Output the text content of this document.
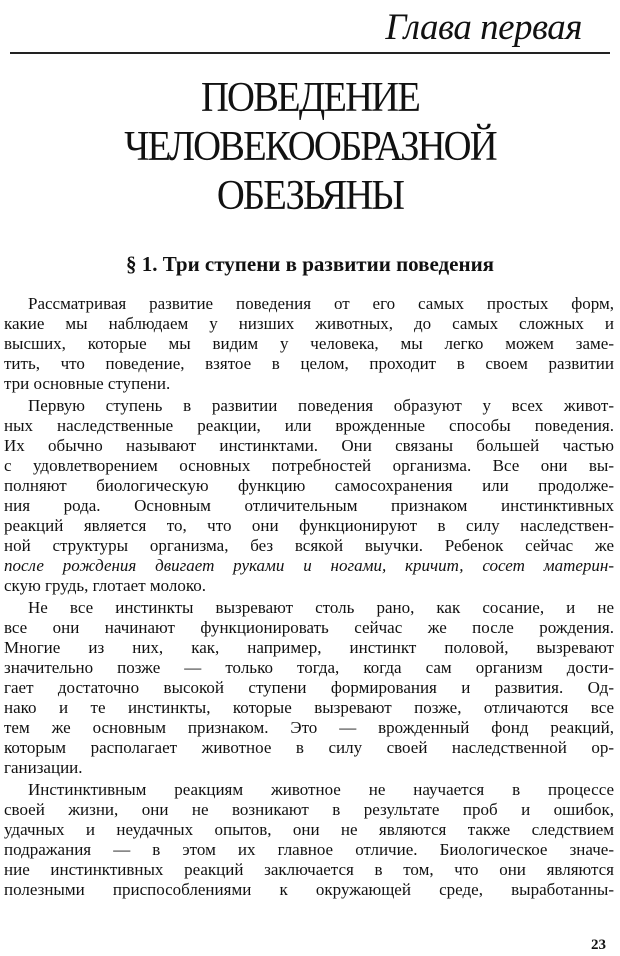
Глава первая
ПОВЕДЕНИЕ
ЧЕЛОВЕКООБРАЗНОЙ
ОБЕЗЬЯНЫ
§ 1. Три ступени в развитии поведения
Рассматривая развитие поведения от его самых простых форм,
какие мы наблюдаем у низших животных, до самых сложных и
высших, которые мы видим у человека, мы легко можем заме-
тить, что поведение, взятое в целом, проходит в своем развитии
три основные ступени.
Первую ступень в развитии поведения образуют у всех живот-
ных наследственные реакции, или врожденные способы поведения.
Их обычно называют инстинктами. Они связаны большей частью
с удовлетворением основных потребностей организма. Все они вы-
полняют биологическую функцию самосохранения или продолже-
ния рода. Основным отличительным признаком инстинктивных
реакций является то, что они функционируют в силу наследствен-
ной структуры организма, без всякой выучки. Ребенок сейчас же
после рождения двигает руками и ногами, кричит, сосет материн-
скую грудь, глотает молоко.
Не все инстинкты вызревают столь рано, как сосание, и не
все они начинают функционировать сейчас же после рождения.
Многие из них, как, например, инстинкт половой, вызревают
значительно позже — только тогда, когда сам организм дости-
гает достаточно высокой ступени формирования и развития. Од-
нако и те инстинкты, которые вызревают позже, отличаются все
тем же основным признаком. Это — врожденный фонд реакций,
которым располагает животное в силу своей наследственной ор-
ганизации.
Инстинктивным реакциям животное не научается в процессе
своей жизни, они не возникают в результате проб и ошибок,
удачных и неудачных опытов, они не являются также следствием
подражания — в этом их главное отличие. Биологическое значе-
ние инстинктивных реакций заключается в том, что они являются
полезными приспособлениями к окружающей среде, выработанны-
23
